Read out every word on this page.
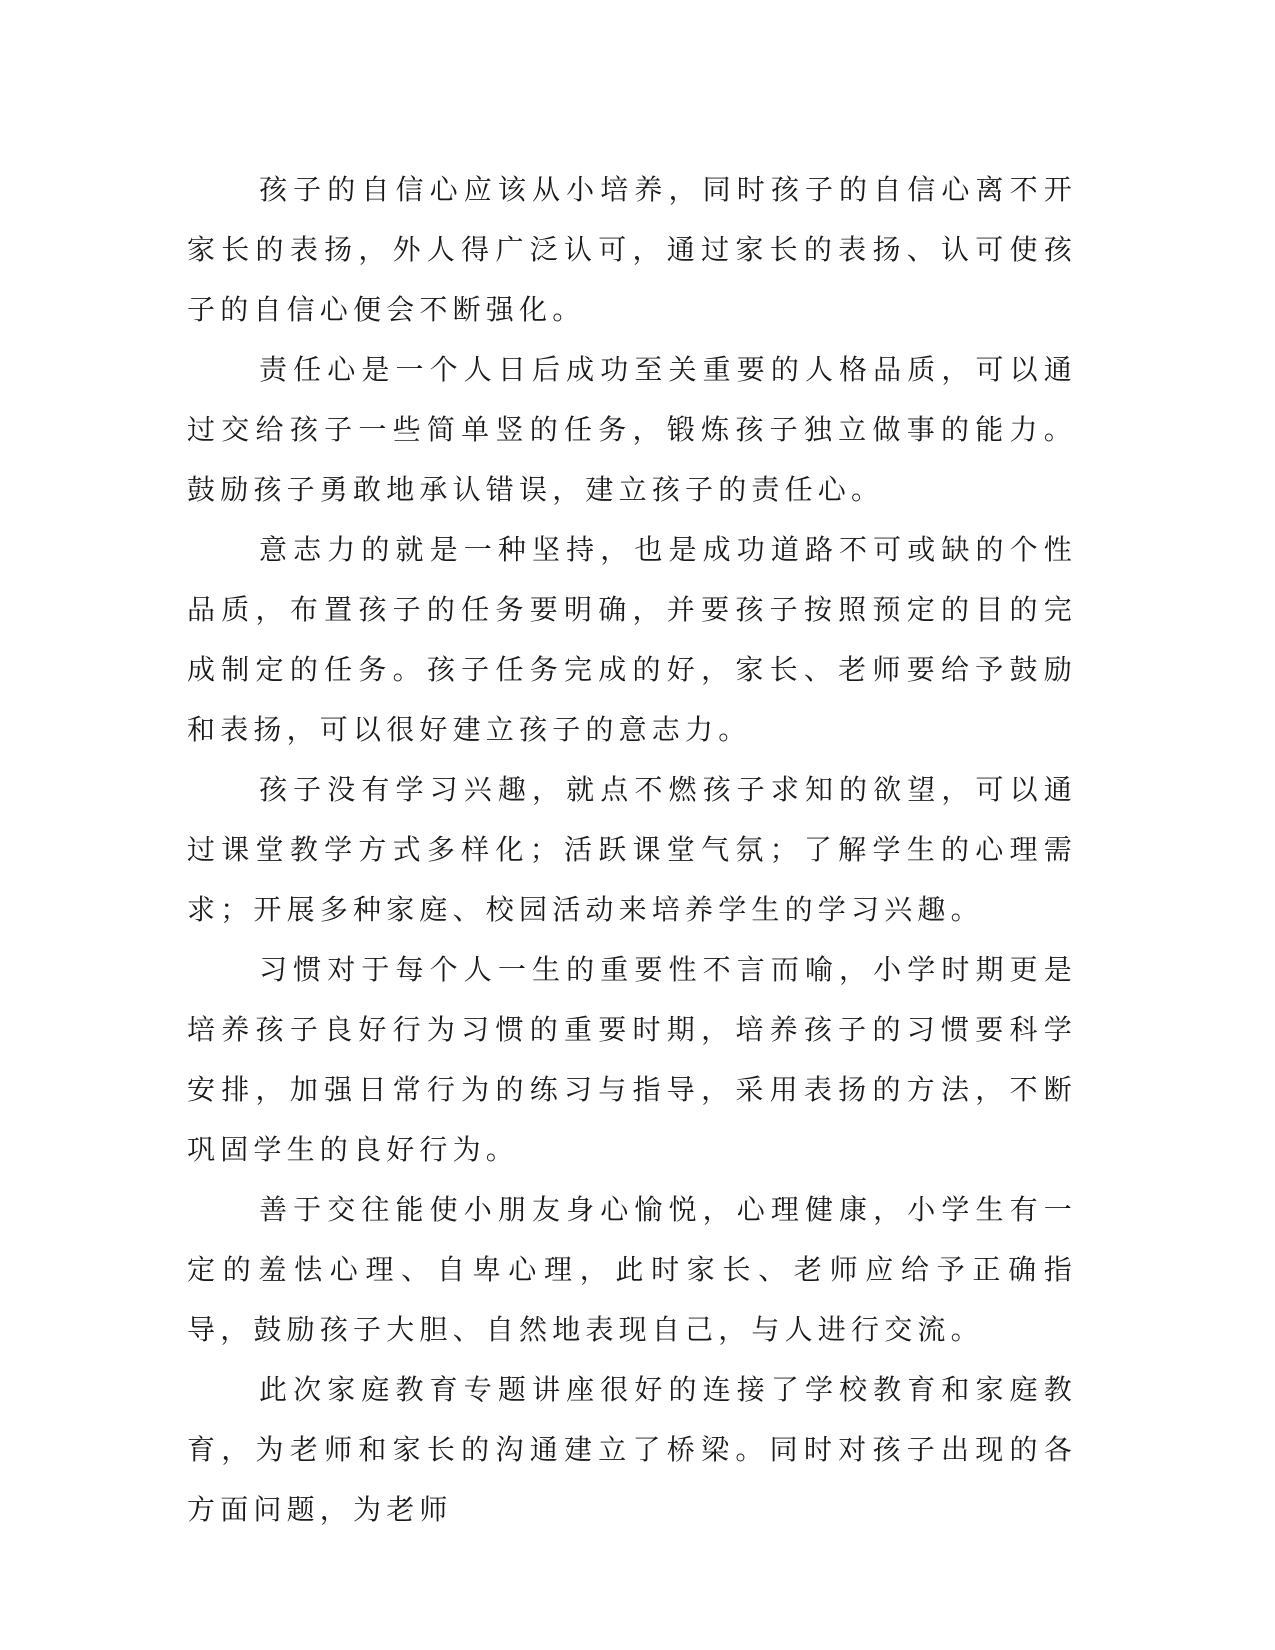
孩子的自信心应该从小培养，同时孩子的自信心离不开家长的表扬，外人得广泛认可，通过家长的表扬、认可使孩子的自信心便会不断强化。

责任心是一个人日后成功至关重要的人格品质，可以通过交给孩子一些简单竖的任务，锻炼孩子独立做事的能力。鼓励孩子勇敢地承认错误，建立孩子的责任心。

意志力的就是一种坚持，也是成功道路不可或缺的个性品质，布置孩子的任务要明确，并要孩子按照预定的目的完成制定的任务。孩子任务完成的好，家长、老师要给予鼓励和表扬，可以很好建立孩子的意志力。

孩子没有学习兴趣，就点不燃孩子求知的欲望，可以通过课堂教学方式多样化；活跃课堂气氛；了解学生的心理需求；开展多种家庭、校园活动来培养学生的学习兴趣。

习惯对于每个人一生的重要性不言而喻，小学时期更是培养孩子良好行为习惯的重要时期，培养孩子的习惯要科学安排，加强日常行为的练习与指导，采用表扬的方法，不断巩固学生的良好行为。

善于交往能使小朋友身心愉悦，心理健康，小学生有一定的羞怯心理、自卑心理，此时家长、老师应给予正确指导，鼓励孩子大胆、自然地表现自己，与人进行交流。

此次家庭教育专题讲座很好的连接了学校教育和家庭教育，为老师和家长的沟通建立了桥梁。同时对孩子出现的各方面问题，为老师
